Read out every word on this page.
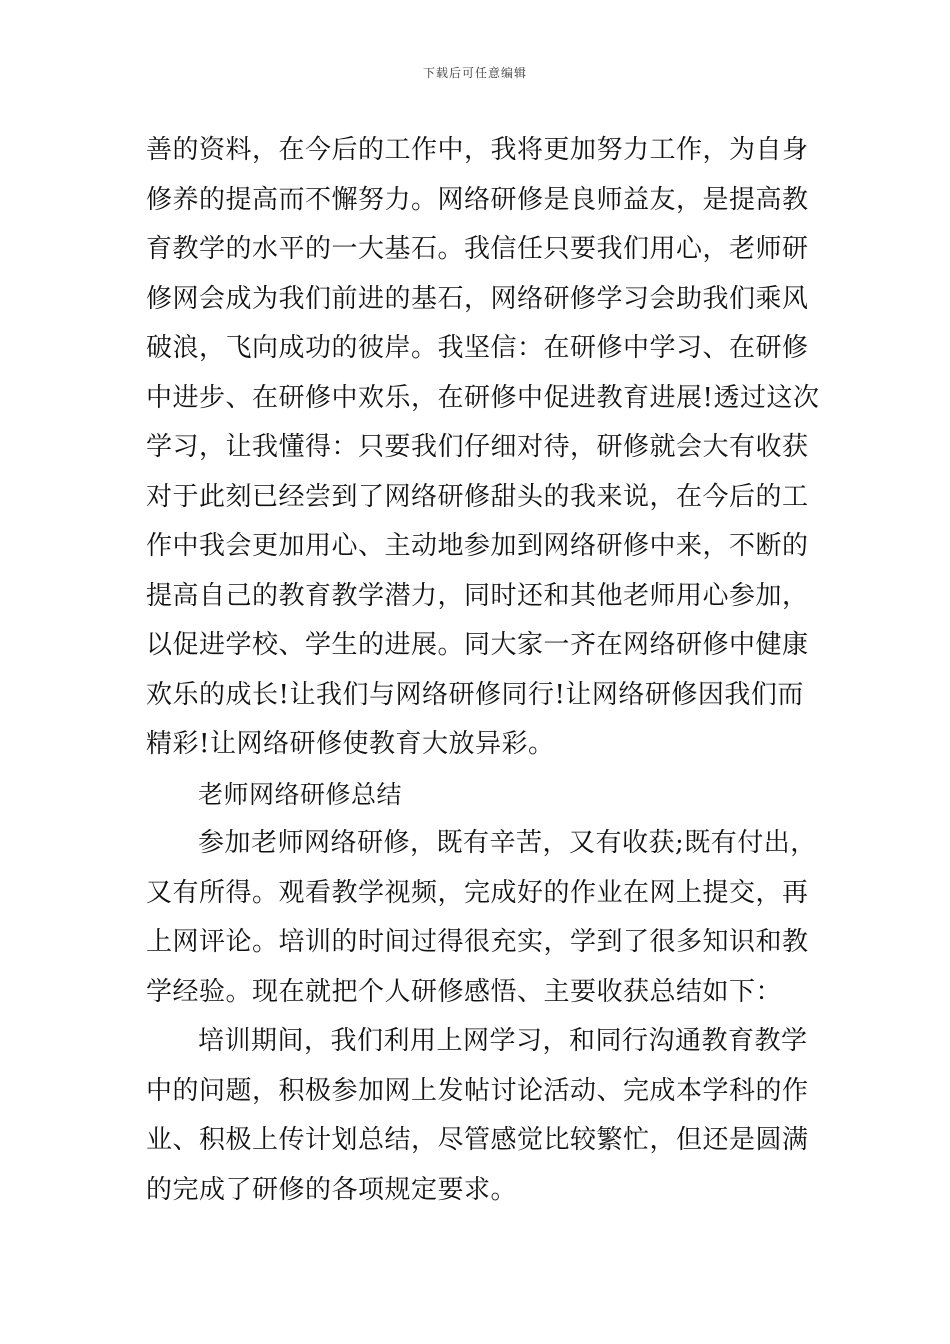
下载后可任意编辑
善的资料，在今后的工作中，我将更加努力工作，为自身
修养的提高而不懈努力。网络研修是良师益友，是提高教
育教学的水平的一大基石。我信任只要我们用心，老师研
修网会成为我们前进的基石，网络研修学习会助我们乘风
破浪，飞向成功的彼岸。我坚信：在研修中学习、在研修
中进步、在研修中欢乐，在研修中促进教育进展!透过这次
学习，让我懂得：只要我们仔细对待，研修就会大有收获
对于此刻已经尝到了网络研修甜头的我来说，在今后的工
作中我会更加用心、主动地参加到网络研修中来，不断的
提高自己的教育教学潜力，同时还和其他老师用心参加，
以促进学校、学生的进展。同大家一齐在网络研修中健康
欢乐的成长!让我们与网络研修同行!让网络研修因我们而
精彩!让网络研修使教育大放异彩。
老师网络研修总结
参加老师网络研修，既有辛苦，又有收获;既有付出，
又有所得。观看教学视频，完成好的作业在网上提交，再
上网评论。培训的时间过得很充实，学到了很多知识和教
学经验。现在就把个人研修感悟、主要收获总结如下：
培训期间，我们利用上网学习，和同行沟通教育教学
中的问题，积极参加网上发帖讨论活动、完成本学科的作
业、积极上传计划总结，尽管感觉比较繁忙，但还是圆满
的完成了研修的各项规定要求。
